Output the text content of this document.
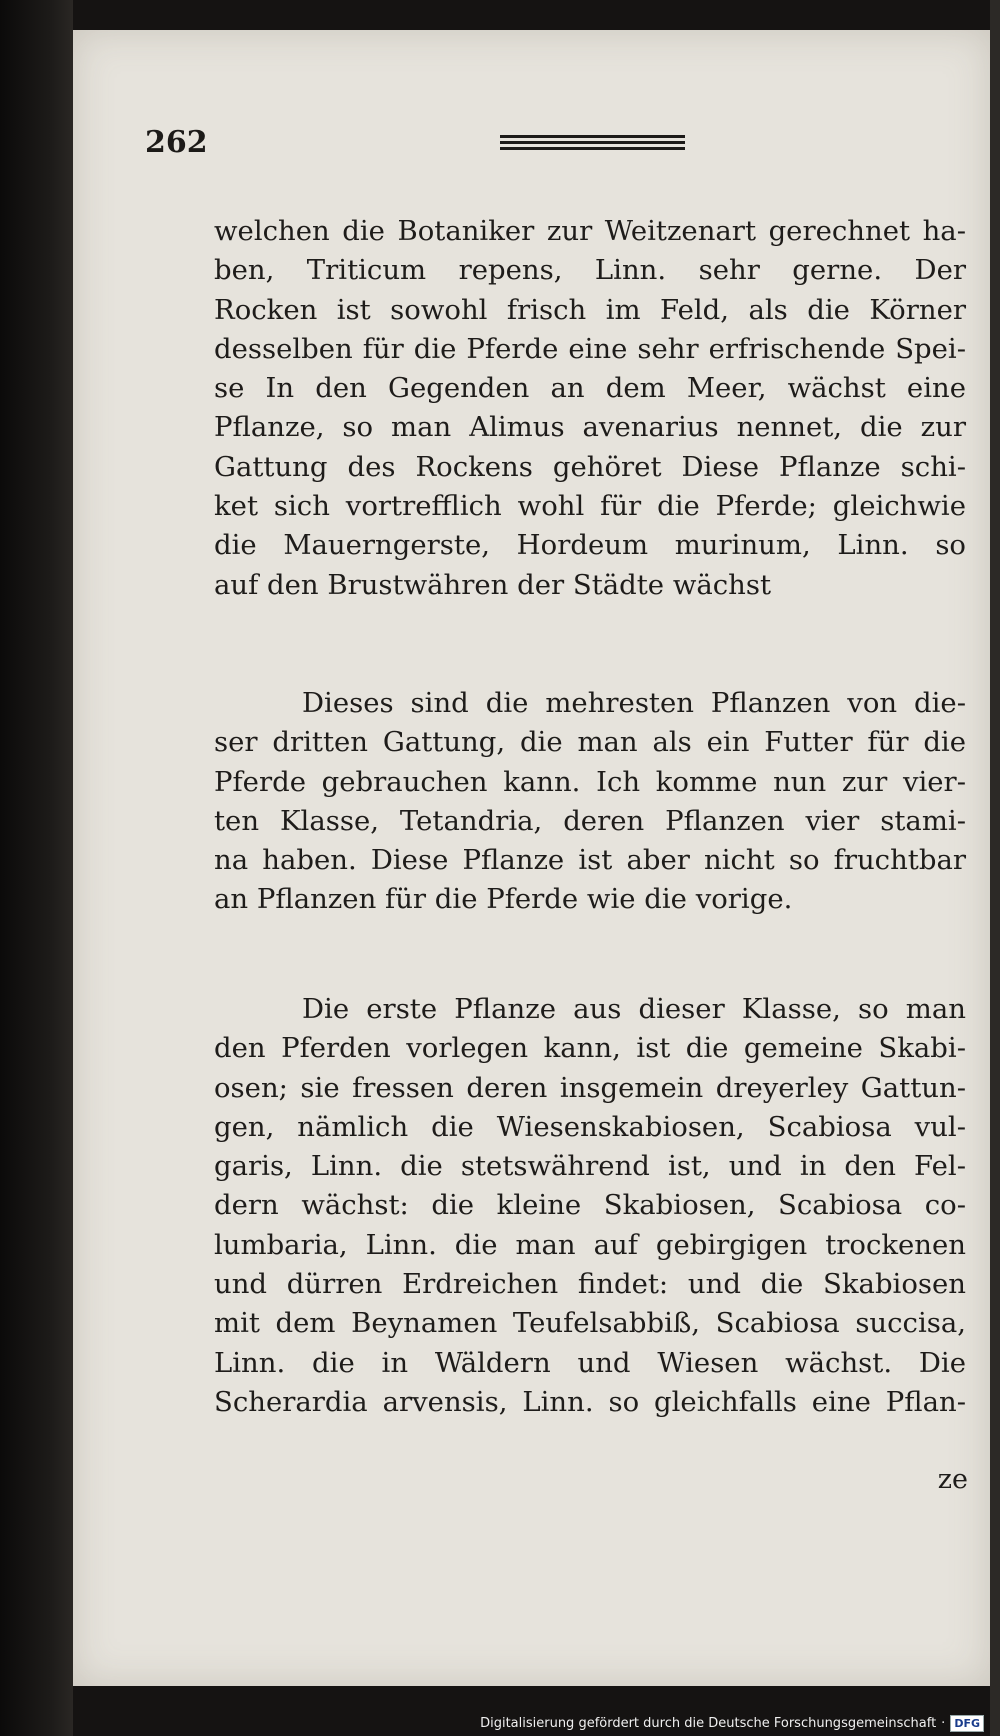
262
welchen die Botaniker zur Weitzenart gerechnet ha-
ben, Triticum repens, Linn. sehr gerne. Der
Rocken ist sowohl frisch im Feld, als die Körner
desselben für die Pferde eine sehr erfrischende Spei-
se In den Gegenden an dem Meer, wächst eine
Pflanze, so man Alimus avenarius nennet, die zur
Gattung des Rockens gehöret Diese Pflanze schi-
ket sich vortrefflich wohl für die Pferde; gleichwie
die Mauerngerste, Hordeum murinum, Linn. so
auf den Brustwähren der Städte wächst
Dieses sind die mehresten Pflanzen von die-
ser dritten Gattung, die man als ein Futter für die
Pferde gebrauchen kann. Ich komme nun zur vier-
ten Klasse, Tetandria, deren Pflanzen vier stami-
na haben. Diese Pflanze ist aber nicht so fruchtbar
an Pflanzen für die Pferde wie die vorige.
Die erste Pflanze aus dieser Klasse, so man
den Pferden vorlegen kann, ist die gemeine Skabi-
osen; sie fressen deren insgemein dreyerley Gattun-
gen, nämlich die Wiesenskabiosen, Scabiosa vul-
garis, Linn. die stetswährend ist, und in den Fel-
dern wächst: die kleine Skabiosen, Scabiosa co-
lumbaria, Linn. die man auf gebirgigen trockenen
und dürren Erdreichen findet: und die Skabiosen
mit dem Beynamen Teufelsabbiß, Scabiosa succisa,
Linn. die in Wäldern und Wiesen wächst. Die
Scherardia arvensis, Linn. so gleichfalls eine Pflan-
ze
Digitalisierung gefördert durch die Deutsche Forschungsgemeinschaft · DFG
